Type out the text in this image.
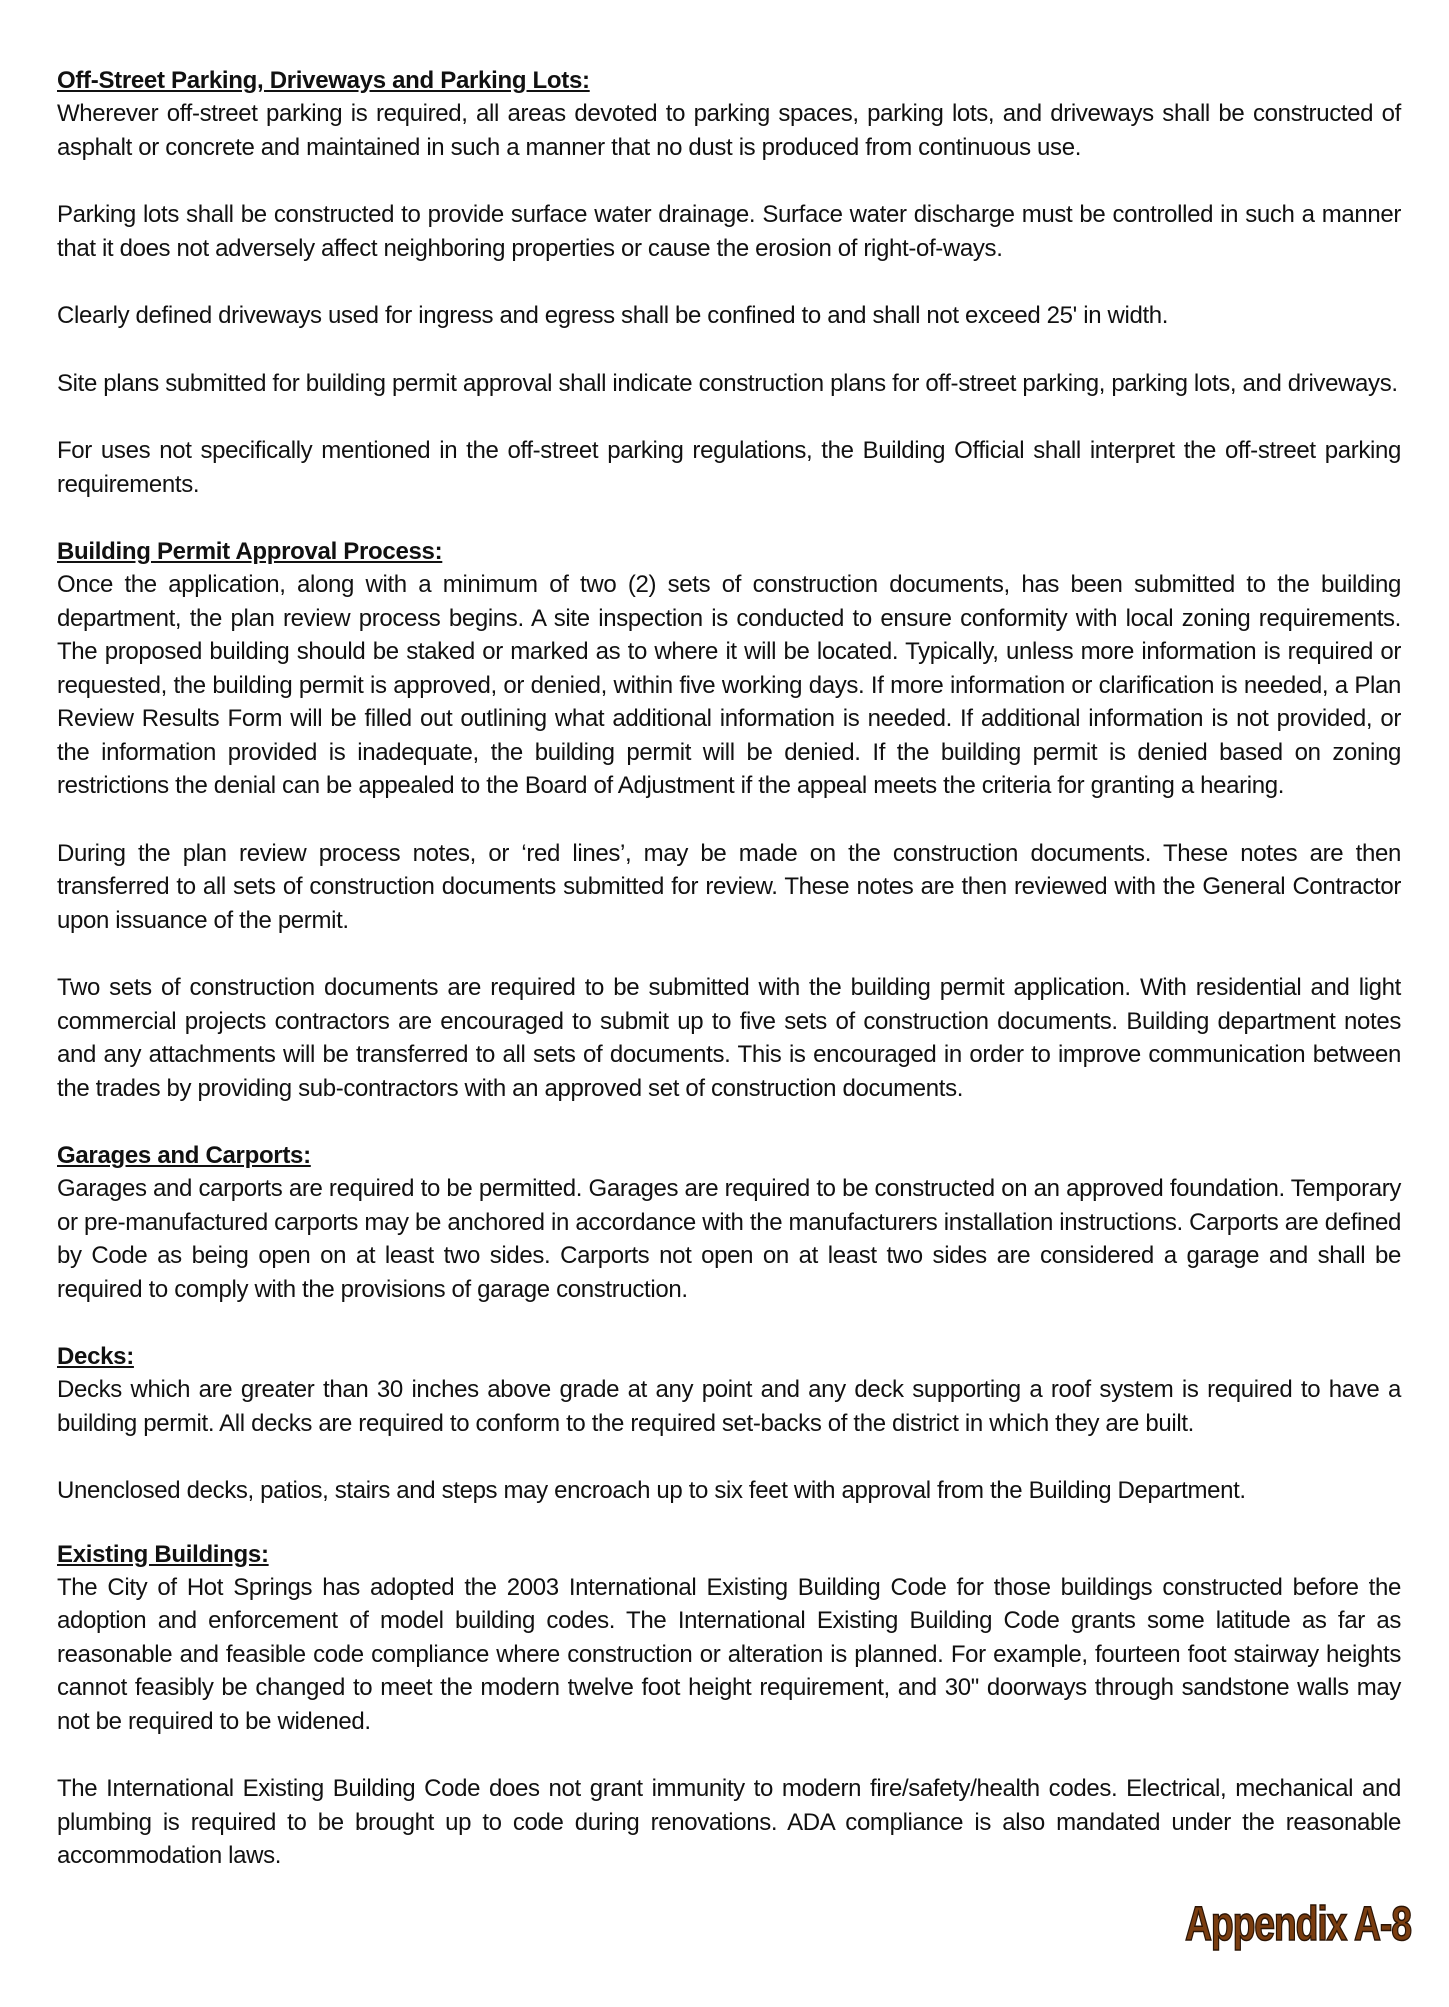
Off-Street Parking, Driveways and Parking Lots:

Wherever off-street parking is required, all areas devoted to parking spaces, parking lots, and driveways shall be constructed of asphalt or concrete and maintained in such a manner that no dust is produced from continuous use.

Parking lots shall be constructed to provide surface water drainage. Surface water discharge must be controlled in such a manner that it does not adversely affect neighboring properties or cause the erosion of right-of-ways.

Clearly defined driveways used for ingress and egress shall be confined to and shall not exceed 25' in width.

Site plans submitted for building permit approval shall indicate construction plans for off-street parking, parking lots, and driveways.

For uses not specifically mentioned in the off-street parking regulations, the Building Official shall interpret the off-street parking requirements.

Building Permit Approval Process:

Once the application, along with a minimum of two (2) sets of construction documents, has been submitted to the building department, the plan review process begins. A site inspection is conducted to ensure conformity with local zoning requirements. The proposed building should be staked or marked as to where it will be located. Typically, unless more information is required or requested, the building permit is approved, or denied, within five working days. If more information or clarification is needed, a Plan Review Results Form will be filled out outlining what additional information is needed. If additional information is not provided, or the information provided is inadequate, the building permit will be denied. If the building permit is denied based on zoning restrictions the denial can be appealed to the Board of Adjustment if the appeal meets the criteria for granting a hearing.

During the plan review process notes, or ‘red lines’, may be made on the construction documents. These notes are then transferred to all sets of construction documents submitted for review. These notes are then reviewed with the General Contractor upon issuance of the permit.

Two sets of construction documents are required to be submitted with the building permit application. With residential and light commercial projects contractors are encouraged to submit up to five sets of construction documents. Building department notes and any attachments will be transferred to all sets of documents. This is encouraged in order to improve communication between the trades by providing sub-contractors with an approved set of construction documents.

Garages and Carports:

Garages and carports are required to be permitted. Garages are required to be constructed on an approved foundation. Temporary or pre-manufactured carports may be anchored in accordance with the manufacturers installation instructions. Carports are defined by Code as being open on at least two sides. Carports not open on at least two sides are considered a garage and shall be required to comply with the provisions of garage construction.

Decks:

Decks which are greater than 30 inches above grade at any point and any deck supporting a roof system is required to have a building permit. All decks are required to conform to the required set-backs of the district in which they are built.

Unenclosed decks, patios, stairs and steps may encroach up to six feet with approval from the Building Department.

Existing Buildings:

The City of Hot Springs has adopted the 2003 International Existing Building Code for those buildings constructed before the adoption and enforcement of model building codes. The International Existing Building Code grants some latitude as far as reasonable and feasible code compliance where construction or alteration is planned. For example, fourteen foot stairway heights cannot feasibly be changed to meet the modern twelve foot height requirement, and 30" doorways through sandstone walls may not be required to be widened.

The International Existing Building Code does not grant immunity to modern fire/safety/health codes. Electrical, mechanical and plumbing is required to be brought up to code during renovations. ADA compliance is also mandated under the reasonable accommodation laws.

Appendix A-8
